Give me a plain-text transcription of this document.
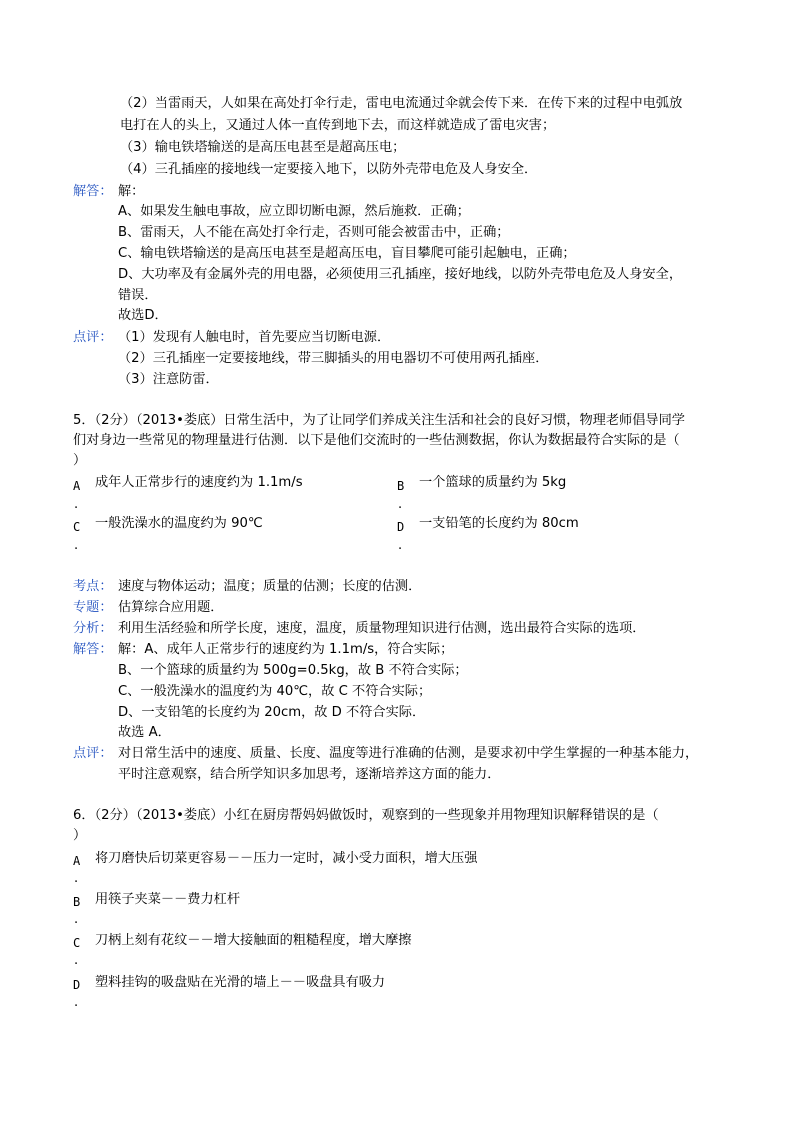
（2）当雷雨天，人如果在高处打伞行走，雷电电流通过伞就会传下来．在传下来的过程中电弧放
电打在人的头上，又通过人体一直传到地下去，而这样就造成了雷电灾害；
（3）输电铁塔输送的是高压电甚至是超高压电；
（4）三孔插座的接地线一定要接入地下，以防外壳带电危及人身安全．
解答： 解：
A、如果发生触电事故，应立即切断电源，然后施救．正确；
B、雷雨天，人不能在高处打伞行走，否则可能会被雷击中，正确；
C、输电铁塔输送的是高压电甚至是超高压电，盲目攀爬可能引起触电，正确；
D、大功率及有金属外壳的用电器，必须使用三孔插座，接好地线，以防外壳带电危及人身安全，
错误．
故选D．
点评： （1）发现有人触电时，首先要应当切断电源．
（2）三孔插座一定要接地线，带三脚插头的用电器切不可使用两孔插座．
（3）注意防雷．
5．（2分）（2013•娄底）日常生活中，为了让同学们养成关注生活和社会的良好习惯，物理老师倡导同学
们对身边一些常见的物理量进行估测．以下是他们交流时的一些估测数据，你认为数据最符合实际的是（
）
A
.
成年人正常步行的速度约为 1.1m/s	B
.
一个篮球的质量约为 5kg
C
.
一般洗澡水的温度约为 90℃	D
.
一支铅笔的长度约为 80cm
考点： 速度与物体运动；温度；质量的估测；长度的估测．
专题： 估算综合应用题．
分析： 利用生活经验和所学长度，速度，温度，质量物理知识进行估测，选出最符合实际的选项．
解答： 解：A、成年人正常步行的速度约为 1.1m/s，符合实际；
B、一个篮球的质量约为 500g=0.5kg，故 B 不符合实际；
C、一般洗澡水的温度约为 40℃，故 C 不符合实际；
D、一支铅笔的长度约为 20cm，故 D 不符合实际．
故选 A．
点评： 对日常生活中的速度、质量、长度、温度等进行准确的估测，是要求初中学生掌握的一种基本能力，
平时注意观察，结合所学知识多加思考，逐渐培养这方面的能力．
6．（2分）（2013•娄底）小红在厨房帮妈妈做饭时，观察到的一些现象并用物理知识解释错误的是（
）
A
.
将刀磨快后切菜更容易－－压力一定时，减小受力面积，增大压强
B
.
用筷子夹菜－－费力杠杆
C
.
刀柄上刻有花纹－－增大接触面的粗糙程度，增大摩擦
D
.
塑料挂钩的吸盘贴在光滑的墙上－－吸盘具有吸力
